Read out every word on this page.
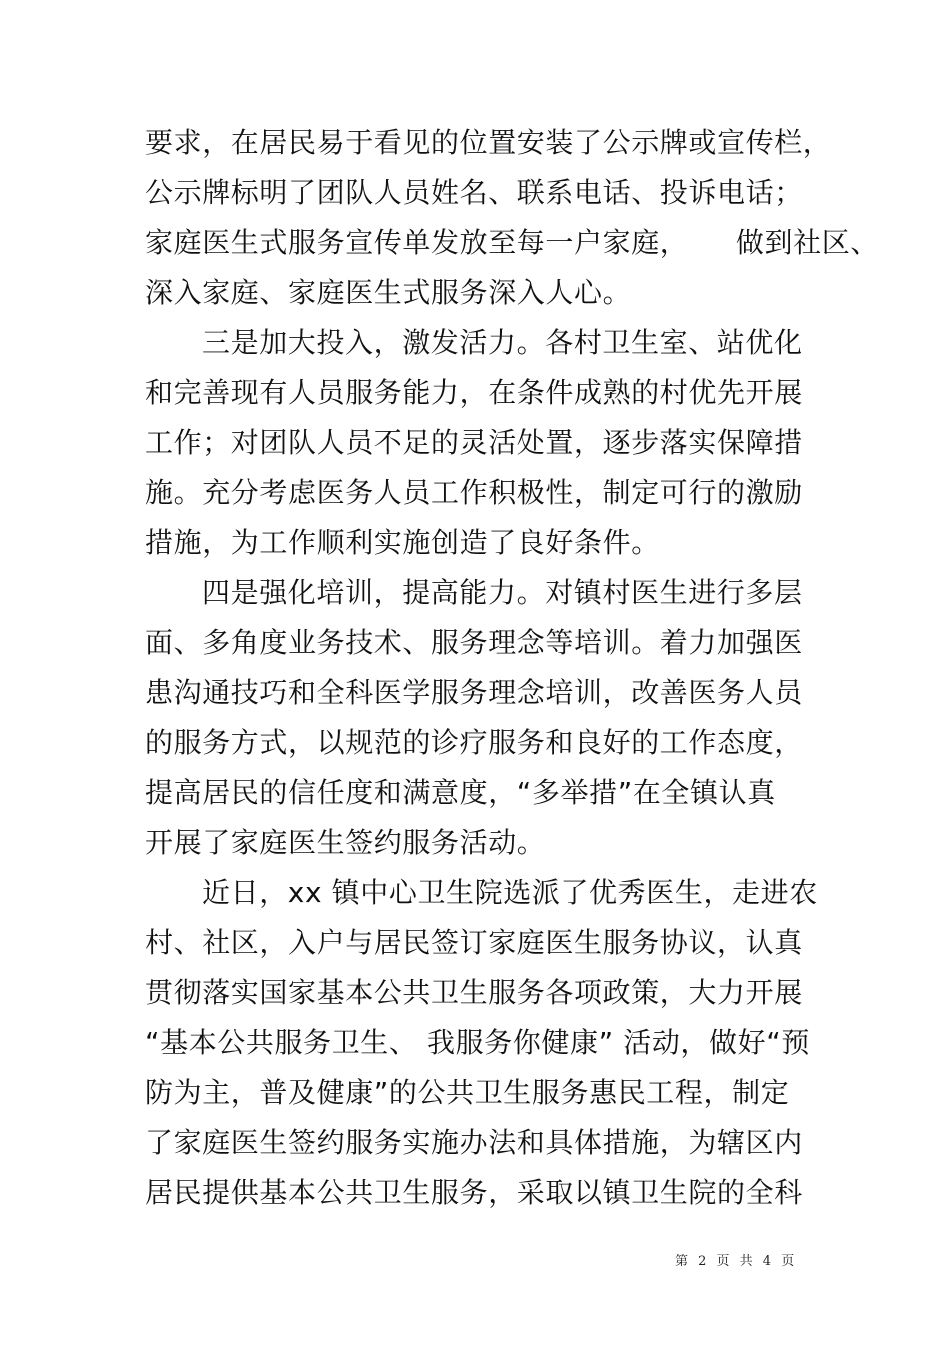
要求，在居民易于看见的位置安装了公示牌或宣传栏，
公示牌标明了团队人员姓名、联系电话、投诉电话；
家庭医生式服务宣传单发放至每一户家庭，     做到社区、
深入家庭、家庭医生式服务深入人心。
三是加大投入，激发活力。各村卫生室、站优化
和完善现有人员服务能力，在条件成熟的村优先开展
工作；对团队人员不足的灵活处置，逐步落实保障措
施。充分考虑医务人员工作积极性，制定可行的激励
措施，为工作顺利实施创造了良好条件。
四是强化培训，提高能力。对镇村医生进行多层
面、多角度业务技术、服务理念等培训。着力加强医
患沟通技巧和全科医学服务理念培训，改善医务人员
的服务方式，以规范的诊疗服务和良好的工作态度，
提高居民的信任度和满意度，“多举措”在全镇认真
开展了家庭医生签约服务活动。
近日，xx 镇中心卫生院选派了优秀医生，走进农
村、社区，入户与居民签订家庭医生服务协议，认真
贯彻落实国家基本公共卫生服务各项政策，大力开展
“基本公共服务卫生、 我服务你健康” 活动，做好“预
防为主，普及健康”的公共卫生服务惠民工程，制定
了家庭医生签约服务实施办法和具体措施，为辖区内
居民提供基本公共卫生服务，采取以镇卫生院的全科
第 2 页 共 4 页
